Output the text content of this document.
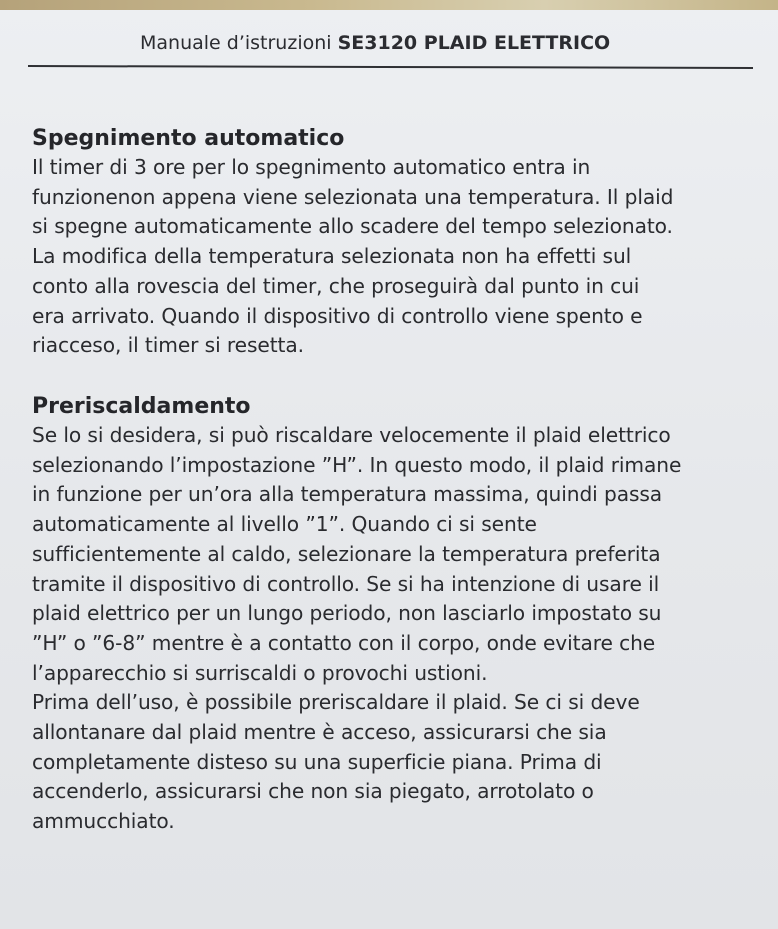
Manuale d’istruzioni SE3120 PLAID ELETTRICO
Spegnimento automatico

Il timer di 3 ore per lo spegnimento automatico entra in
funzionenon appena viene selezionata una temperatura. Il plaid
si spegne automaticamente allo scadere del tempo selezionato.
La modifica della temperatura selezionata non ha effetti sul
conto alla rovescia del timer, che proseguirà dal punto in cui
era arrivato. Quando il dispositivo di controllo viene spento e
riacceso, il timer si resetta.

Preriscaldamento

Se lo si desidera, si può riscaldare velocemente il plaid elettrico
selezionando l’impostazione ”H”. In questo modo, il plaid rimane
in funzione per un’ora alla temperatura massima, quindi passa
automaticamente al livello ”1”. Quando ci si sente
sufficientemente al caldo, selezionare la temperatura preferita
tramite il dispositivo di controllo. Se si ha intenzione di usare il
plaid elettrico per un lungo periodo, non lasciarlo impostato su
”H” o ”6-8” mentre è a contatto con il corpo, onde evitare che
l’apparecchio si surriscaldi o provochi ustioni.
Prima dell’uso, è possibile preriscaldare il plaid. Se ci si deve
allontanare dal plaid mentre è acceso, assicurarsi che sia
completamente disteso su una superficie piana. Prima di
accenderlo, assicurarsi che non sia piegato, arrotolato o
ammucchiato.
